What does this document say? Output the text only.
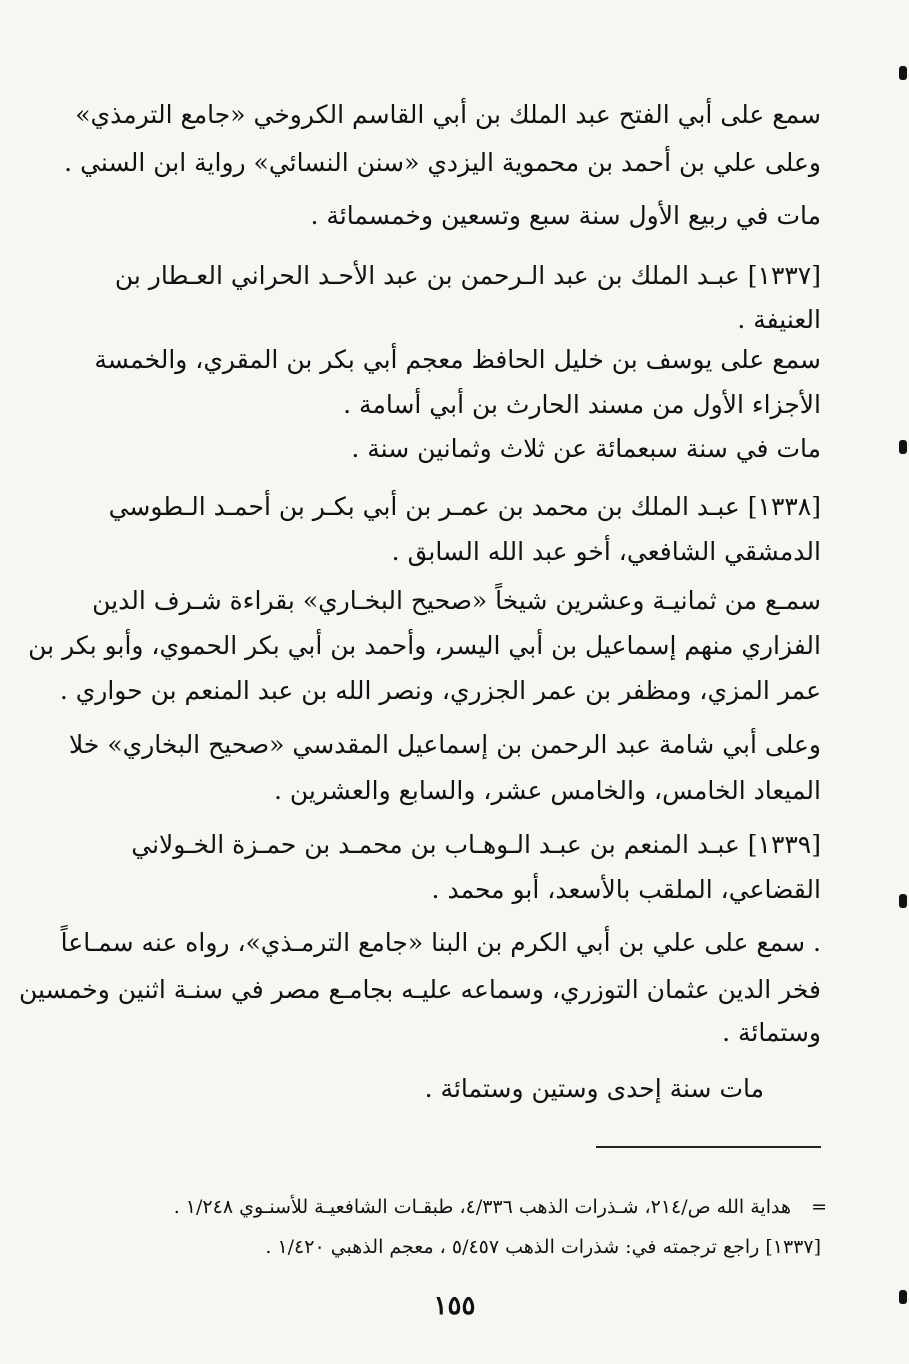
سمع على أبي الفتح عبد الملك بن أبي القاسم الكروخي «جامع الترمذي»
وعلى علي بن أحمد بن محموية اليزدي «سنن النسائي» رواية ابن السني .
مات في ربيع الأول سنة سبع وتسعين وخمسمائة .
[١٣٣٧] عبـد الملك بن عبد الـرحمن بن عبد الأحـد الحراني العـطار بن
العنيفة .
سمع على يوسف بن خليل الحافظ معجم أبي بكر بن المقري، والخمسة
الأجزاء الأول من مسند الحارث بن أبي أسامة .
مات في سنة سبعمائة عن ثلاث وثمانين سنة .
[١٣٣٨] عبـد الملك بن محمد بن عمـر بن أبي بكـر بن أحمـد الـطوسي
الدمشقي الشافعي، أخو عبد الله السابق .
سمـع من ثمانيـة وعشرين شيخاً «صحيح البخـاري» بقراءة شـرف الدين
الفزاري منهم إسماعيل بن أبي اليسر، وأحمد بن أبي بكر الحموي، وأبو بكر بن
عمر المزي، ومظفر بن عمر الجزري، ونصر الله بن عبد المنعم بن حواري .
وعلى أبي شامة عبد الرحمن بن إسماعيل المقدسي «صحيح البخاري» خلا
الميعاد الخامس، والخامس عشر، والسابع والعشرين .
[١٣٣٩] عبـد المنعم بن عبـد الـوهـاب بن محمـد بن حمـزة الخـولاني
القضاعي، الملقب بالأسعد، أبو محمد .
. سمع على علي بن أبي الكرم بن البنا «جامع الترمـذي»، رواه عنه سمـاعاً
فخر الدين عثمان التوزري، وسماعه عليـه بجامـع مصر في سنـة اثنين وخمسين
وستمائة .
مات سنة إحدى وستين وستمائة .
=
هداية الله ص/٢١٤، شـذرات الذهب ٤/٣٣٦، طبقـات الشافعيـة للأسنـوي ١/٢٤٨ .
[١٣٣٧] راجع ترجمته في: شذرات الذهب ٥/٤٥٧ ، معجم الذهبي ١/٤٢٠ .
١٥٥
